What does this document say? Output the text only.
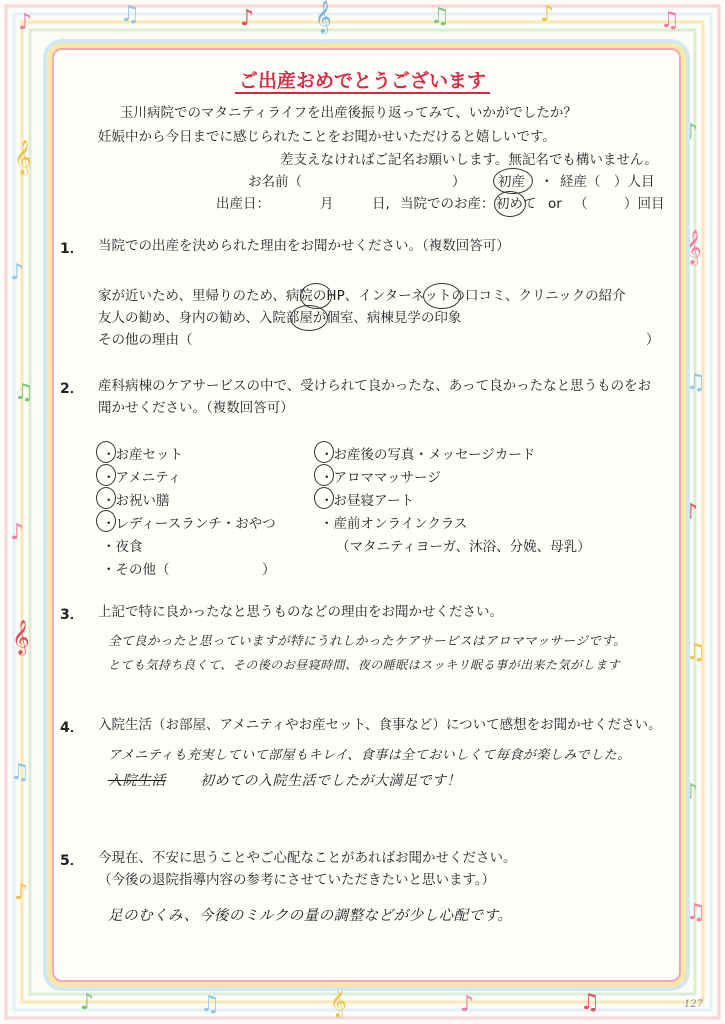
♪	♫	♪ 𝄞	♫	♪	♫
𝄞
♪
♫
♪
𝄞
♫
♪
♪
𝄞
♫
♪
♫
♪
♫
♪	♫	𝄞	♪	♫
ご出産おめでとうございます
玉川病院でのマタニティライフを出産後振り返ってみて、いかがでしたか？
妊娠中から今日までに感じられたことをお聞かせいただけると嬉しいです。
差支えなければご記名お願いします。無記名でも構いません。
お名前（	） 初産 ・ 経産（　）人目
出産日：	月	日, 当院でのお産： 初めて or （	）回目
1． 当院での出産を決められた理由をお聞かせください。（複数回答可）
家が近いため、里帰りのため、病院のHP、インターネットの口コミ、クリニックの紹介
友人の勧め、身内の勧め、入院部屋が個室、病棟見学の印象
その他の理由（	）
2． 産科病棟のケアサービスの中で、受けられて良かったな、あって良かったなと思うものをお
聞かせください。（複数回答可）
・お産セット
・アメニティ
・お祝い膳
・レディースランチ・おやつ
・夜食
・その他（	）
・お産後の写真・メッセージカード
・アロママッサージ
・お昼寝アート
・産前オンラインクラス
（マタニティヨーガ、沐浴、分娩、母乳）
3． 上記で特に良かったなと思うものなどの理由をお聞かせください。
全て良かったと思っていますが特にうれしかったケアサービスはアロママッサージです。
とても気持ち良くて、その後のお昼寝時間、夜の睡眠はスッキリ眠る事が出来た気がします
4． 入院生活（お部屋、アメニティやお産セット、食事など）について感想をお聞かせください。
アメニティも充実していて部屋もキレイ、食事は全ておいしくて毎食が楽しみでした。
入院生活 初めての入院生活でしたが大満足です！
5． 今現在、不安に思うことやご心配なことがあればお聞かせください。
（今後の退院指導内容の参考にさせていただきたいと思います。）
足のむくみ、今後のミルクの量の調整などが少し心配です。
127
